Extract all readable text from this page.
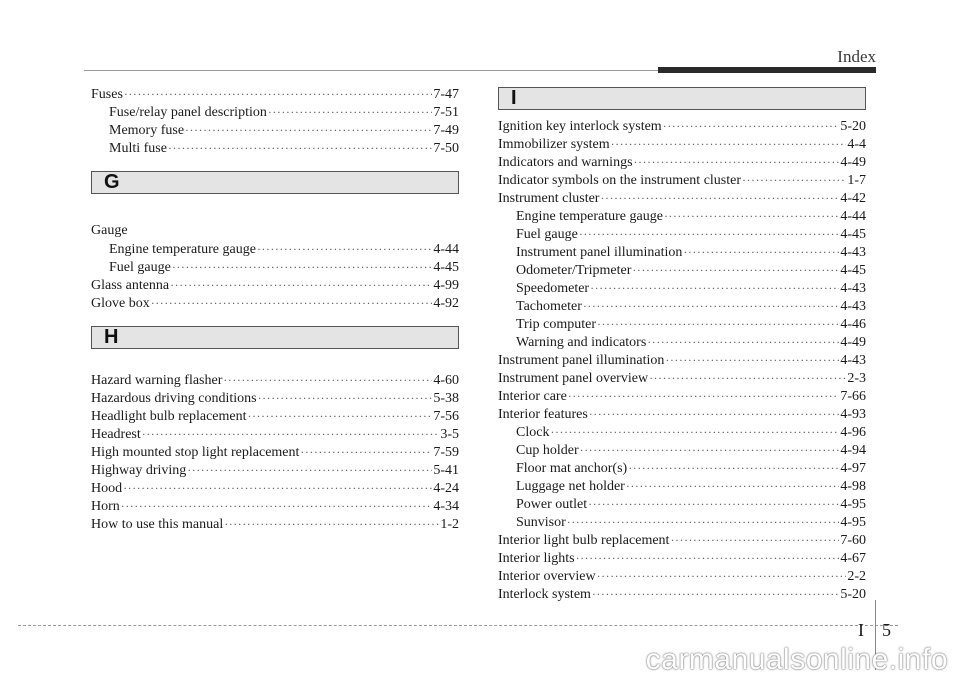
Index
Fuses ·····	7-47
Fuse/relay panel description ·····	7-51
Memory fuse ·····	7-49
Multi fuse ·····	7-50
G
Gauge
Engine temperature gauge ·····	4-44
Fuel gauge ·····	4-45
Glass antenna ·····	4-99
Glove box ·····	4-92
H
Hazard warning flasher ·····	4-60
Hazardous driving conditions ·····	5-38
Headlight bulb replacement ·····	7-56
Headrest ·····	3-5
High mounted stop light replacement ·····	7-59
Highway driving ·····	5-41
Hood ·····	4-24
Horn ·····	4-34
How to use this manual ·····	1-2
I
Ignition key interlock system ·····	5-20
Immobilizer system ·····	4-4
Indicators and warnings ·····	4-49
Indicator symbols on the instrument cluster ·····	1-7
Instrument cluster ·····	4-42
Engine temperature gauge ·····	4-44
Fuel gauge ·····	4-45
Instrument panel illumination ·····	4-43
Odometer/Tripmeter ·····	4-45
Speedometer ·····	4-43
Tachometer ·····	4-43
Trip computer ·····	4-46
Warning and indicators ·····	4-49
Instrument panel illumination ·····	4-43
Instrument panel overview ·····	2-3
Interior care ·····	7-66
Interior features ·····	4-93
Clock ·····	4-96
Cup holder ·····	4-94
Floor mat anchor(s) ·····	4-97
Luggage net holder ·····	4-98
Power outlet ·····	4-95
Sunvisor ·····	4-95
Interior light bulb replacement ·····	7-60
Interior lights ·····	4-67
Interior overview ·····	2-2
Interlock system ·····	5-20
I 5
carmanualsonline.info
